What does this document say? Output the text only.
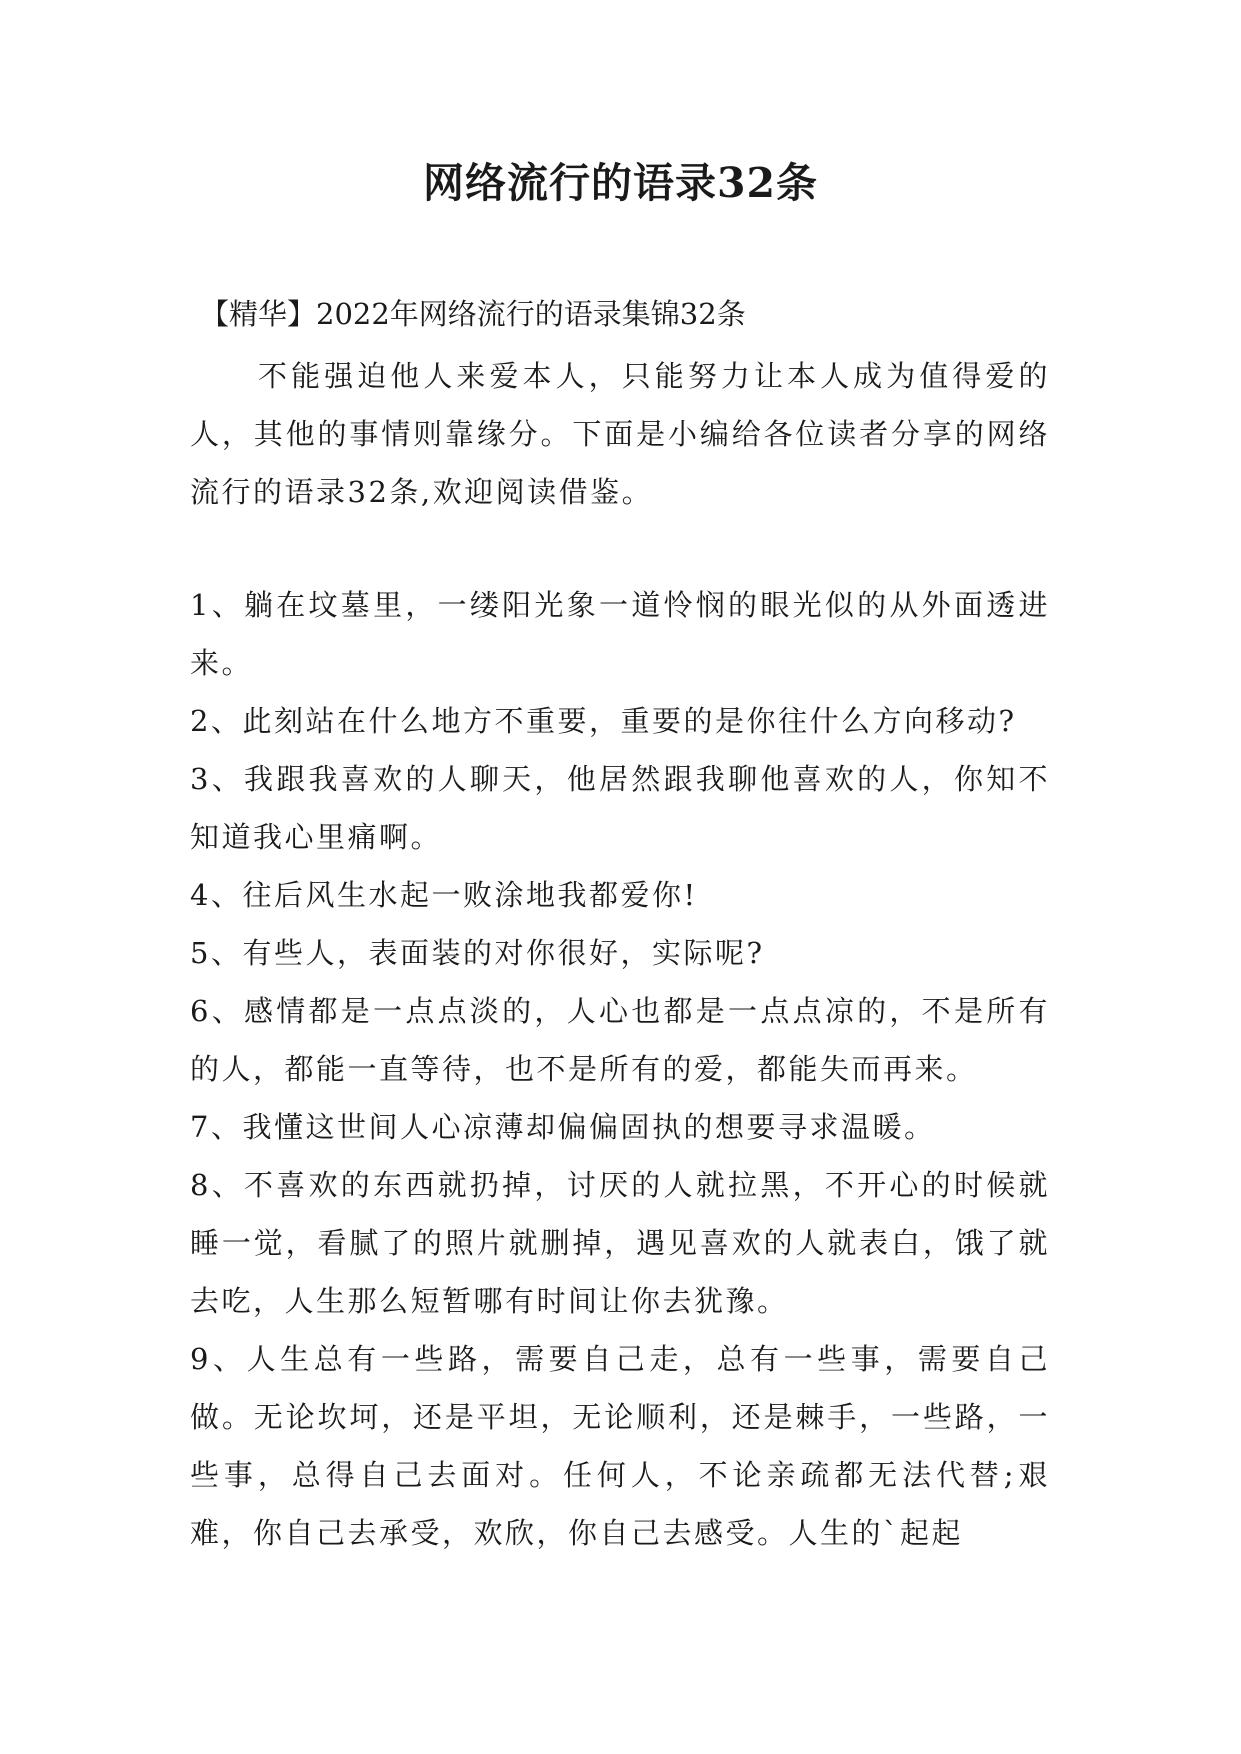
网络流行的语录32条
【精华】2022年网络流行的语录集锦32条
不能强迫他人来爱本人，只能努力让本人成为值得爱的人，其他的事情则靠缘分。下面是小编给各位读者分享的网络流行的语录32条,欢迎阅读借鉴。

1、躺在坟墓里，一缕阳光象一道怜悯的眼光似的从外面透进来。

2、此刻站在什么地方不重要，重要的是你往什么方向移动?

3、我跟我喜欢的人聊天，他居然跟我聊他喜欢的人，你知不知道我心里痛啊。

4、往后风生水起一败涂地我都爱你!

5、有些人，表面装的对你很好，实际呢?

6、感情都是一点点淡的，人心也都是一点点凉的，不是所有的人，都能一直等待，也不是所有的爱，都能失而再来。

7、我懂这世间人心凉薄却偏偏固执的想要寻求温暖。

8、不喜欢的东西就扔掉，讨厌的人就拉黑，不开心的时候就睡一觉，看腻了的照片就删掉，遇见喜欢的人就表白，饿了就去吃，人生那么短暂哪有时间让你去犹豫。

9、人生总有一些路，需要自己走，总有一些事，需要自己做。无论坎坷，还是平坦，无论顺利，还是棘手，一些路，一些事，总得自己去面对。任何人，不论亲疏都无法代替;艰难，你自己去承受，欢欣，你自己去感受。人生的`起起
